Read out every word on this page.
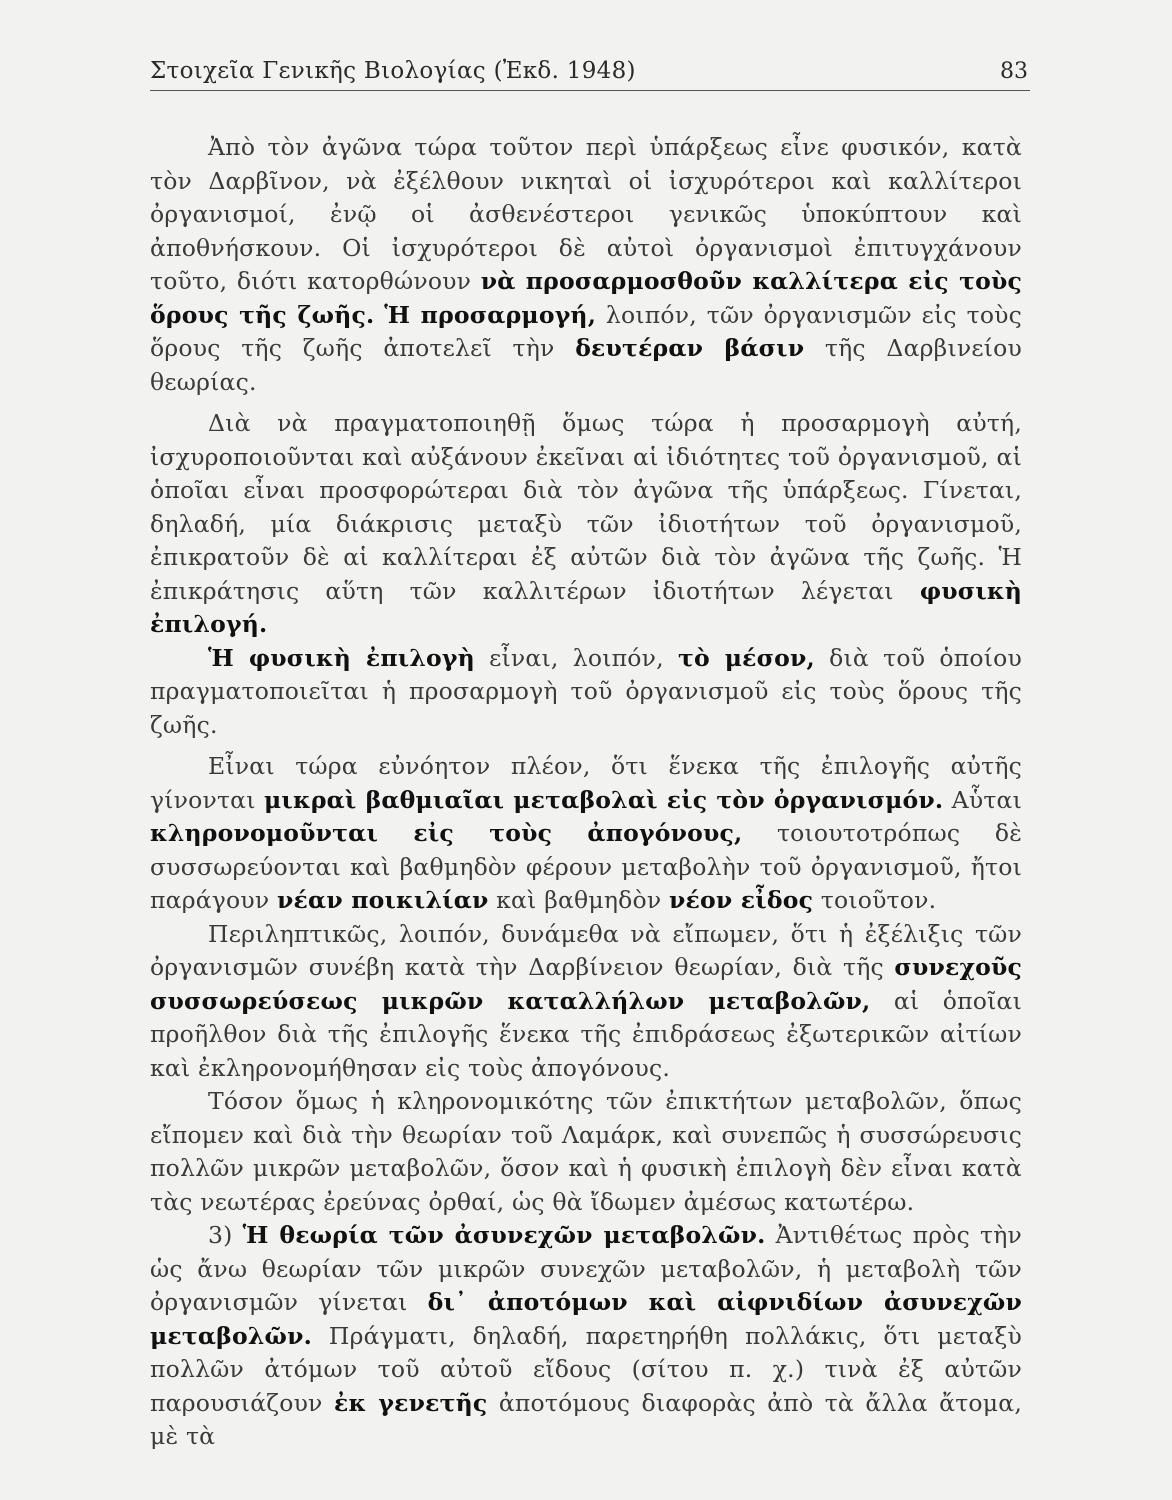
Στοιχεῖα Γενικῆς Βιολογίας (Ἐκδ. 1948)	83

Ἀπὸ τὸν ἀγῶνα τώρα τοῦτον περὶ ὑπάρξεως εἶνε φυσικόν, κατὰ τὸν Δαρβῖνον, νὰ ἐξέλθουν νικηταὶ οἱ ἰσχυρότεροι καὶ καλλίτεροι ὀργανισμοί, ἐνῷ οἱ ἀσθενέστεροι γενικῶς ὑποκύπτουν καὶ ἀποθνήσκουν. Οἱ ἰσχυρότεροι δὲ αὐτοὶ ὀργανισμοὶ ἐπιτυγχάνουν τοῦτο, διότι κατορθώνουν νὰ προσαρμοσθοῦν καλλίτερα εἰς τοὺς ὅρους τῆς ζωῆς. Ἡ προσαρμογή, λοιπόν, τῶν ὀργανισμῶν εἰς τοὺς ὅρους τῆς ζωῆς ἀποτελεῖ τὴν δευτέραν βάσιν τῆς Δαρβινείου θεωρίας.

Διὰ νὰ πραγματοποιηθῇ ὅμως τώρα ἡ προσαρμογὴ αὐτή, ἰσχυροποιοῦνται καὶ αὐξάνουν ἐκεῖναι αἱ ἰδιότητες τοῦ ὀργανισμοῦ, αἱ ὁποῖαι εἶναι προσφορώτεραι διὰ τὸν ἀγῶνα τῆς ὑπάρξεως. Γίνεται, δηλαδή, μία διάκρισις μεταξὺ τῶν ἰδιοτήτων τοῦ ὀργανισμοῦ, ἐπικρατοῦν δὲ αἱ καλλίτεραι ἐξ αὐτῶν διὰ τὸν ἀγῶνα τῆς ζωῆς. Ἡ ἐπικράτησις αὕτη τῶν καλλιτέρων ἰδιοτήτων λέγεται φυσικὴ ἐπιλογή.

Ἡ φυσικὴ ἐπιλογὴ εἶναι, λοιπόν, τὸ μέσον, διὰ τοῦ ὁποίου πραγματοποιεῖται ἡ προσαρμογὴ τοῦ ὀργανισμοῦ εἰς τοὺς ὅρους τῆς ζωῆς.

Εἶναι τώρα εὐνόητον πλέον, ὅτι ἕνεκα τῆς ἐπιλογῆς αὐτῆς γίνονται μικραὶ βαθμιαῖαι μεταβολαὶ εἰς τὸν ὀργανισμόν. Αὗται κληρονομοῦνται εἰς τοὺς ἀπογόνους, τοιουτοτρόπως δὲ συσσωρεύονται καὶ βαθμηδὸν φέρουν μεταβολὴν τοῦ ὀργανισμοῦ, ἤτοι παράγουν νέαν ποικιλίαν καὶ βαθμηδὸν νέον εἶδος τοιοῦτον.

Περιληπτικῶς, λοιπόν, δυνάμεθα νὰ εἴπωμεν, ὅτι ἡ ἐξέλιξις τῶν ὀργανισμῶν συνέβη κατὰ τὴν Δαρβίνειον θεωρίαν, διὰ τῆς συνεχοῦς συσσωρεύσεως μικρῶν καταλλήλων μεταβολῶν, αἱ ὁποῖαι προῆλθον διὰ τῆς ἐπιλογῆς ἕνεκα τῆς ἐπιδράσεως ἐξωτερικῶν αἰτίων καὶ ἐκληρονομήθησαν εἰς τοὺς ἀπογόνους.

Τόσον ὅμως ἡ κληρονομικότης τῶν ἐπικτήτων μεταβολῶν, ὅπως εἴπομεν καὶ διὰ τὴν θεωρίαν τοῦ Λαμάρκ, καὶ συνεπῶς ἡ συσσώρευσις πολλῶν μικρῶν μεταβολῶν, ὅσον καὶ ἡ φυσικὴ ἐπιλογὴ δὲν εἶναι κατὰ τὰς νεωτέρας ἐρεύνας ὀρθαί, ὡς θὰ ἴδωμεν ἀμέσως κατωτέρω.

3) Ἡ θεωρία τῶν ἀσυνεχῶν μεταβολῶν. Ἀντιθέτως πρὸς τὴν ὡς ἄνω θεωρίαν τῶν μικρῶν συνεχῶν μεταβολῶν, ἡ μεταβολὴ τῶν ὀργανισμῶν γίνεται δι᾿ ἀποτόμων καὶ αἰφνιδίων ἀσυνεχῶν μεταβολῶν. Πράγματι, δηλαδή, παρετηρήθη πολλάκις, ὅτι μεταξὺ πολλῶν ἀτόμων τοῦ αὐτοῦ εἴδους (σίτου π. χ.) τινὰ ἐξ αὐτῶν παρουσιάζουν ἐκ γενετῆς ἀποτόμους διαφορὰς ἀπὸ τὰ ἄλλα ἄτομα, μὲ τὰ
